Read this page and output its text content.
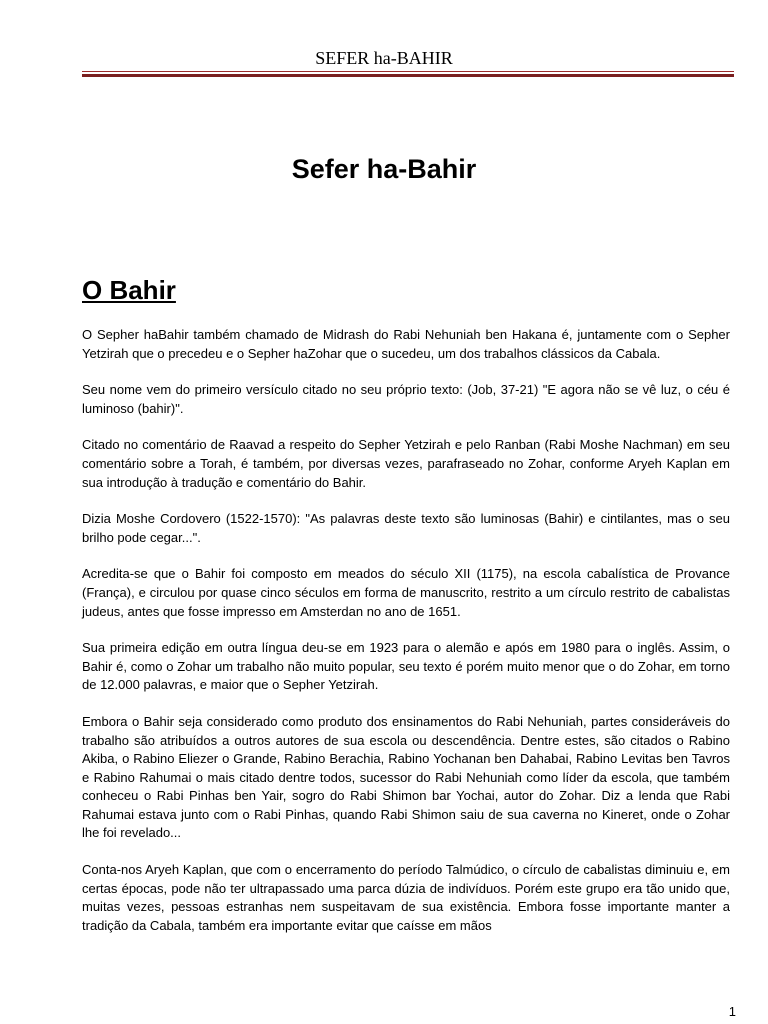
SEFER ha-BAHIR
Sefer ha-Bahir
O Bahir

O Sepher haBahir também chamado de Midrash do Rabi Nehuniah ben Hakana é, juntamente com o Sepher Yetzirah que o precedeu e o Sepher haZohar que o sucedeu, um dos trabalhos clássicos da Cabala.

Seu nome vem do primeiro versículo citado no seu próprio texto: (Job, 37-21) "E agora não se vê luz, o céu é luminoso (bahir)".

Citado no comentário de Raavad a respeito do Sepher Yetzirah e pelo Ranban (Rabi Moshe Nachman) em seu comentário sobre a Torah, é também, por diversas vezes, parafraseado no Zohar, conforme Aryeh Kaplan em sua introdução à tradução e comentário do Bahir.

Dizia Moshe Cordovero (1522-1570): "As palavras deste texto são luminosas (Bahir) e cintilantes, mas o seu brilho pode cegar...".

Acredita-se que o Bahir foi composto em meados do século XII (1175), na escola cabalística de Provance (França), e circulou por quase cinco séculos em forma de manuscrito, restrito a um círculo restrito de cabalistas judeus, antes que fosse impresso em Amsterdan no ano de 1651.

Sua primeira edição em outra língua deu-se em 1923 para o alemão e após em 1980 para o inglês. Assim, o Bahir é, como o Zohar um trabalho não muito popular, seu texto é porém muito menor que o do Zohar, em torno de 12.000 palavras, e maior que o Sepher Yetzirah.

Embora o Bahir seja considerado como produto dos ensinamentos do Rabi Nehuniah, partes consideráveis do trabalho são atribuídos a outros autores de sua escola ou descendência. Dentre estes, são citados o Rabino Akiba, o Rabino Eliezer o Grande, Rabino Berachia, Rabino Yochanan ben Dahabai, Rabino Levitas ben Tavros e Rabino Rahumai o mais citado dentre todos, sucessor do Rabi Nehuniah como líder da escola, que também conheceu o Rabi Pinhas ben Yair, sogro do Rabi Shimon bar Yochai, autor do Zohar. Diz a lenda que Rabi Rahumai estava junto com o Rabi Pinhas, quando Rabi Shimon saiu de sua caverna no Kineret, onde o Zohar lhe foi revelado...

Conta-nos Aryeh Kaplan, que com o encerramento do período Talmúdico, o círculo de cabalistas diminuiu e, em certas épocas, pode não ter ultrapassado uma parca dúzia de indivíduos. Porém este grupo era tão unido que, muitas vezes, pessoas estranhas nem suspeitavam de sua existência. Embora fosse importante manter a tradição da Cabala, também era importante evitar que caísse em mãos

1
